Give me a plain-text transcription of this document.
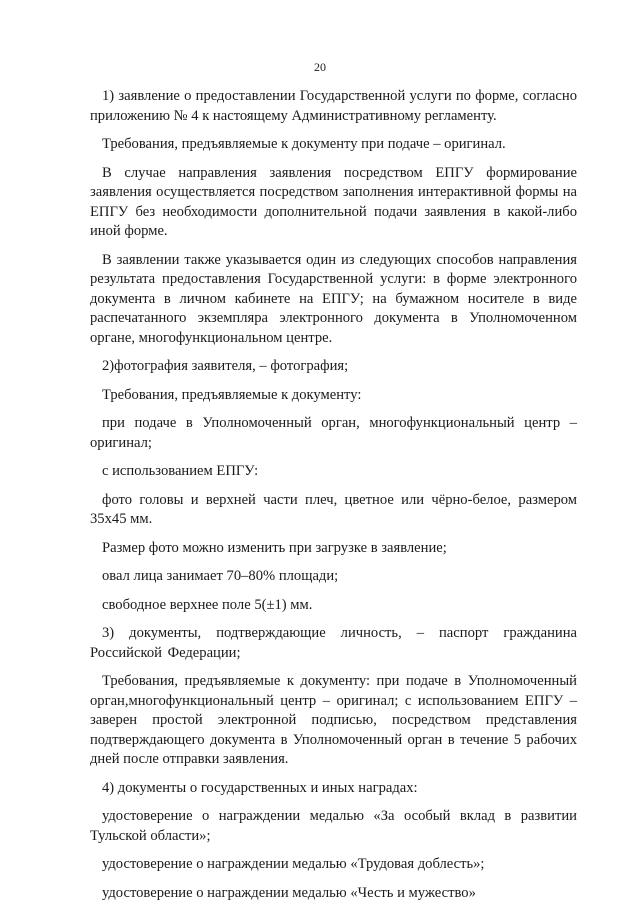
20

1) заявление о предоставлении Государственной услуги по форме, согласно приложению № 4 к настоящему Административному регламенту.

Требования, предъявляемые к документу при подаче – оригинал.

В случае направления заявления посредством ЕПГУ формирование заявления осуществляется посредством заполнения интерактивной формы на ЕПГУ без необходимости дополнительной подачи заявления в какой-либо иной форме.

В заявлении также указывается один из следующих способов направления результата предоставления Государственной услуги: в форме электронного документа в личном кабинете на ЕПГУ; на бумажном носителе в виде распечатанного экземпляра электронного документа в Уполномоченном органе, многофункциональном центре.

2)фотография заявителя, – фотография;

Требования, предъявляемые к документу:

при подаче в Уполномоченный орган, многофункциональный центр – оригинал;

с использованием ЕПГУ:

фото головы и верхней части плеч, цветное или чёрно-белое, размером 35х45 мм.

Размер фото можно изменить при загрузке в заявление;

овал лица занимает 70–80% площади;

свободное верхнее поле 5(±1) мм.

3) документы, подтверждающие личность, – паспорт гражданина Российской Федерации;

Требования, предъявляемые к документу: при подаче в Уполномоченный орган,многофункциональный центр – оригинал; с использованием ЕПГУ – заверен простой электронной подписью, посредством представления подтверждающего документа в Уполномоченный орган в течение 5 рабочих дней после отправки заявления.

4) документы о государственных и иных наградах:

удостоверение о награждении медалью «За особый вклад в развитии Тульской области»;

удостоверение о награждении медалью «Трудовая доблесть»;

удостоверение о награждении медалью «Честь и мужество»
